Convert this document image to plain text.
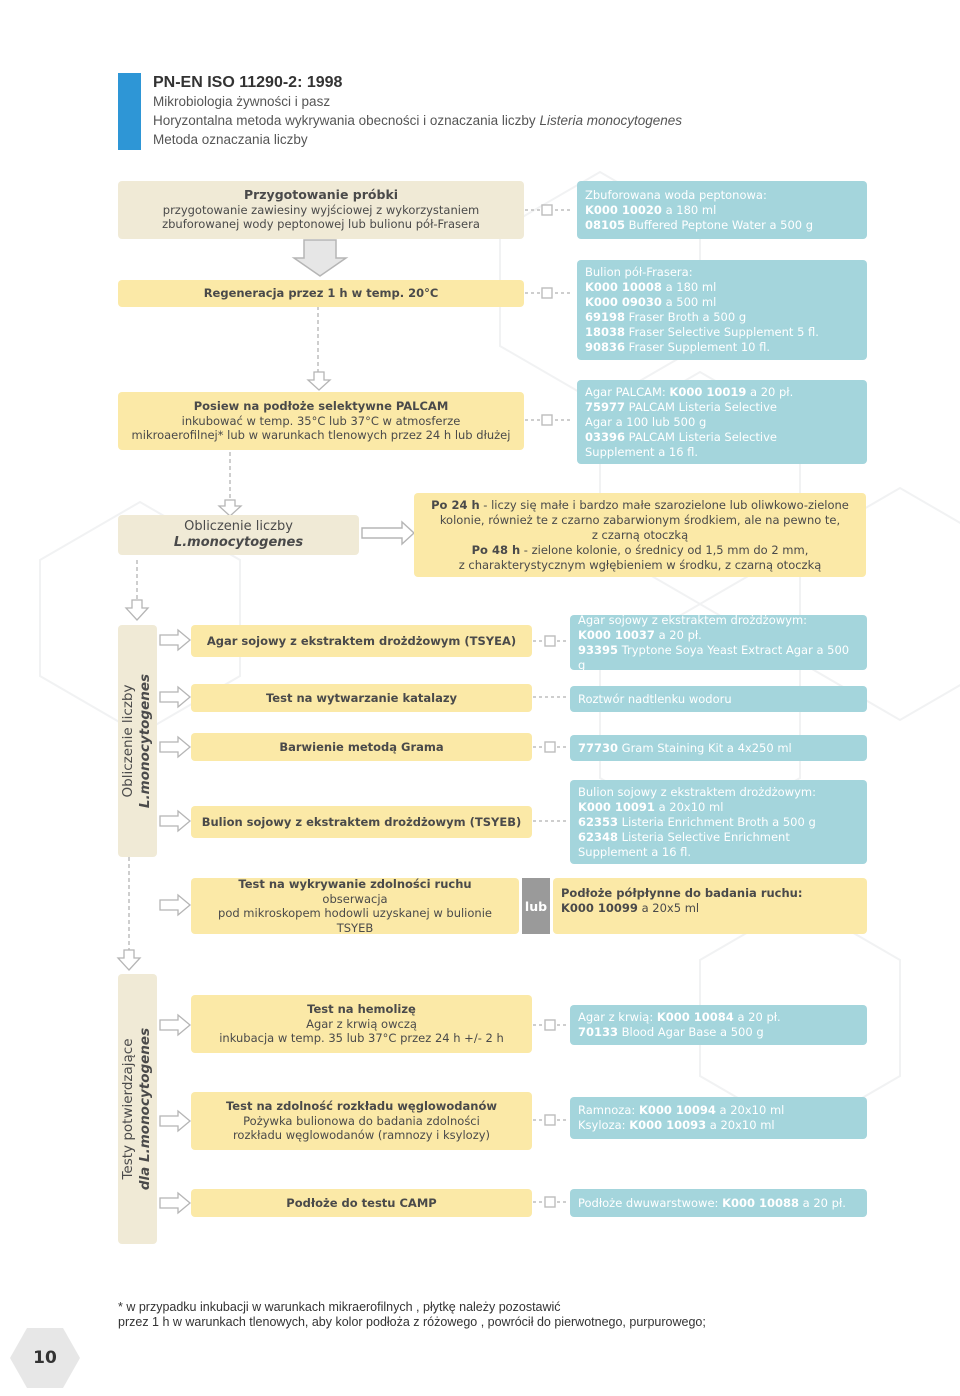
PN-EN ISO 11290-2: 1998
Mikrobiologia żywności i pasz
Horyzontalna metoda wykrywania obecności i oznaczania liczby Listeria monocytogenes
Metoda oznaczania liczby
Przygotowanie próbki
przygotowanie zawiesiny wyjściowej z wykorzystaniem
zbuforowanej wody peptonowej lub bulionu pół-Frasera
Zbuforowana woda peptonowa:
K000 10020 a 180 ml
08105 Buffered Peptone Water a 500 g
Regeneracja przez 1 h w temp. 20°C
Bulion pół-Frasera:
K000 10008 a 180 ml
K000 09030 a 500 ml
69198 Fraser Broth a 500 g
18038 Fraser Selective Supplement 5 fl.
90836 Fraser Supplement 10 fl.
Posiew na podłoże selektywne PALCAM
inkubować w temp. 35°C lub 37°C w atmosferze
mikroaerofilnej* lub w warunkach tlenowych przez 24 h lub dłużej
Agar PALCAM: K000 10019 a 20 pł.
75977 PALCAM Listeria Selective
Agar a 100 lub 500 g
03396 PALCAM Listeria Selective
Supplement a 16 fl.
Obliczenie liczby
L.monocytogenes
Po 24 h - liczy się małe i bardzo małe szarozielone lub oliwkowo-zielone
kolonie, również te z czarno zabarwionym środkiem, ale na pewno te,
z czarną otoczką
Po 48 h - zielone kolonie, o średnicy od 1,5 mm do 2 mm,
z charakterystycznym wgłębieniem w środku, z czarną otoczką
Obliczenie liczby L.monocytogenes
Agar sojowy z ekstraktem drożdżowym (TSYEA)
Agar sojowy z ekstraktem drożdżowym:
K000 10037 a 20 pł.
93395 Tryptone Soya Yeast Extract Agar a 500 g
Test na wytwarzanie katalazy	Roztwór nadtlenku wodoru
Barwienie metodą Grama	77730 Gram Staining Kit a 4x250 ml
Bulion sojowy z ekstraktem drożdżowym (TSYEB)
Bulion sojowy z ekstraktem drożdżowym:
K000 10091 a 20x10 ml
62353 Listeria Enrichment Broth a 500 g
62348 Listeria Selective Enrichment
Supplement a 16 fl.
Test na wykrywanie zdolności ruchu
obserwacja
pod mikroskopem hodowli uzyskanej w bulionie TSYEB
lub
Podłoże półpłynne do badania ruchu:
K000 10099 a 20x5 ml
Testy potwierdzające dla L.monocytogenes
Test na hemolizę
Agar z krwią owczą
inkubacja w temp. 35 lub 37°C przez 24 h +/- 2 h
Agar z krwią: K000 10084 a 20 pł.
70133 Blood Agar Base a 500 g
Test na zdolność rozkładu węglowodanów
Pożywka bulionowa do badania zdolności
rozkładu węglowodanów (ramnozy i ksylozy)
Ramnoza: K000 10094 a 20x10 ml
Ksyloza: K000 10093 a 20x10 ml
Podłoże do testu CAMP	Podłoże dwuwarstwowe: K000 10088 a 20 pł.
* w przypadku inkubacji w warunkach mikraerofilnych , płytkę należy pozostawić
przez 1 h w warunkach tlenowych, aby kolor podłoża z różowego , powrócił do pierwotnego, purpurowego;
10
